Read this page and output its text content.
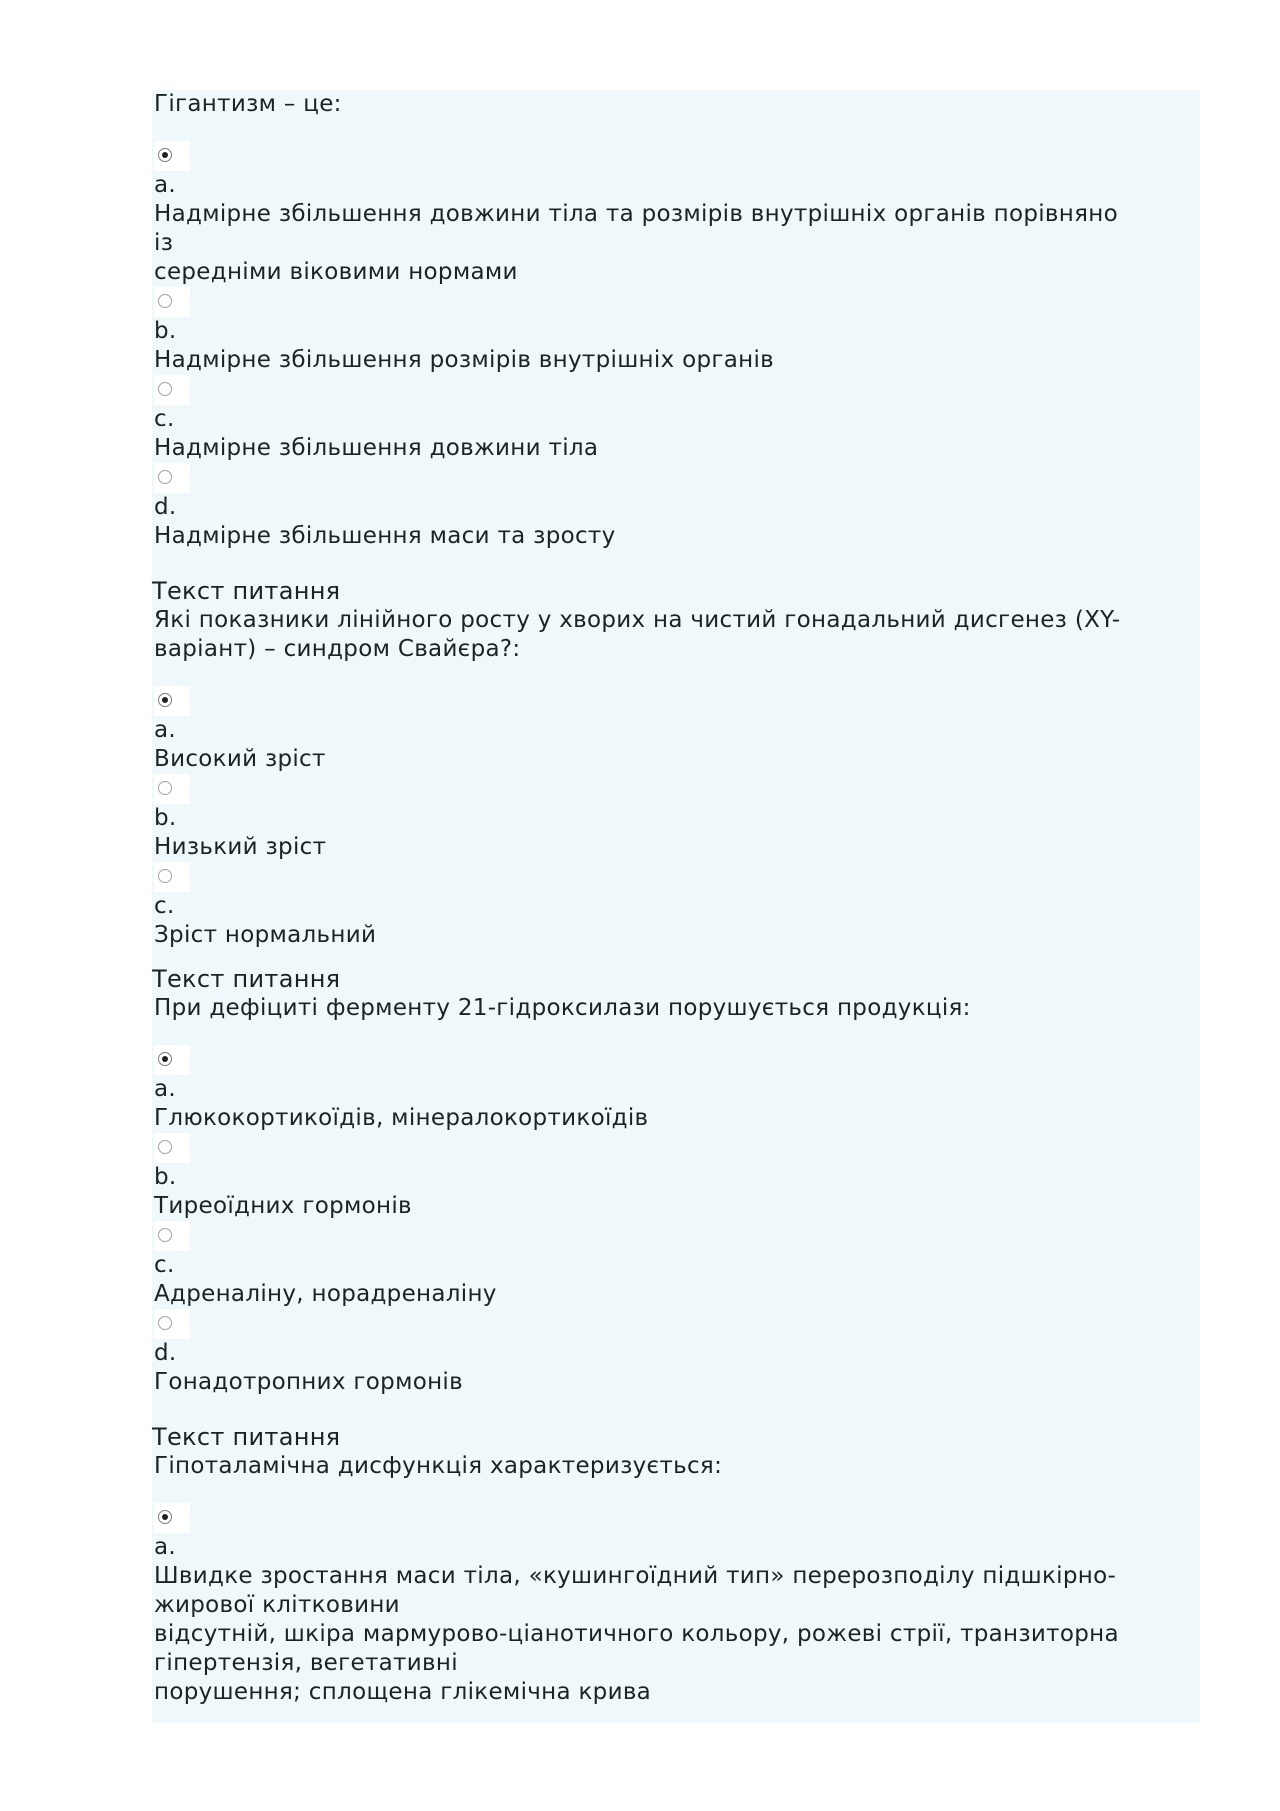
Гігантизм – це:
a.
Надмірне збільшення довжини тіла та розмірів внутрішніх органів порівняно
із
середніми віковими нормами
b.
Надмірне збільшення розмірів внутрішніх органів
c.
Надмірне збільшення довжини тіла
d.
Надмірне збільшення маси та зросту
Текст питання
Які показники лінійного росту у хворих на чистий гонадальний дисгенез (XY-
варіант) – синдром Свайєра?:
a.
Високий зріст
b.
Низький зріст
c.
Зріст нормальний
Текст питання
При дефіциті ферменту 21-гідроксилази порушується продукція:
a.
Глюкокортикоїдів, мінералокортикоїдів
b.
Тиреоїдних гормонів
c.
Адреналіну, норадреналіну
d.
Гонадотропних гормонів
Текст питання
Гіпоталамічна дисфункція характеризується:
a.
Швидке зростання маси тіла, «кушингоїдний тип» перерозподілу підшкірно-
жирової клітковини
відсутній, шкіра мармурово-ціанотичного кольору, рожеві стрії, транзиторна
гіпертензія, вегетативні
порушення; сплощена глікемічна крива
